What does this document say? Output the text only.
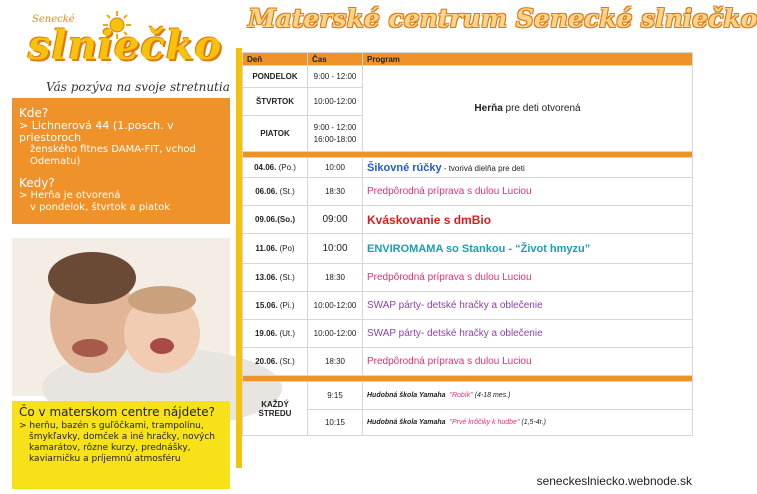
Senecké
slniečko
Vás pozýva na svoje stretnutia
Kde?
> Lichnerová 44 (1.posch. v priestoroch
ženského fitnes DAMA-FIT, vchod
Odematu)
Kedy?
> Herňa je otvorená
v pondelok, štvrtok a piatok
Čo v materskom centre nájdete?
> herňu, bazén s guľôčkami, trampolínu,
šmykľavky, domček a iné hračky, nových
kamarátov, rôzne kurzy, prednášky,
kaviarničku a príjemnú atmosféru
Materské centrum Senecké slniečko
Deň	Čas	Program
PONDELOK	9:00 - 12:00	Herňa pre deti otvorená
ŠTVRTOK	10:00-12:00	
PIATOK	9:00 - 12:00
16:00-18:00	

04.06. (Po.)	10:00	Šikovné rúčky - tvorivá dielňa pre deti
06.06. (St.)	18:30	Predpôrodná príprava s dulou Luciou
09.06.(So.)	09:00	Kváskovanie s dmBio
11.06. (Po)	10:00	ENVIROMAMA so Stankou - “Život hmyzu”
13.06. (St.)	18:30	Predpôrodná príprava s dulou Luciou
15.06. (Pi.)	10:00-12:00	SWAP párty- detské hračky a oblečenie
19.06. (Ut.)	10:00-12:00	SWAP párty- detské hračky a oblečenie
20.06. (St.)	18:30	Predpôrodná príprava s dulou Luciou

KAŽDÝ STREDU	9:15	Hudobná škola Yamaha "Robík" (4-18 mes.)
	10:15	Hudobná škola Yamaha "Prvé krôčiky k hudbe" (1,5-4r.)
seneckeslniecko.webnode.sk
